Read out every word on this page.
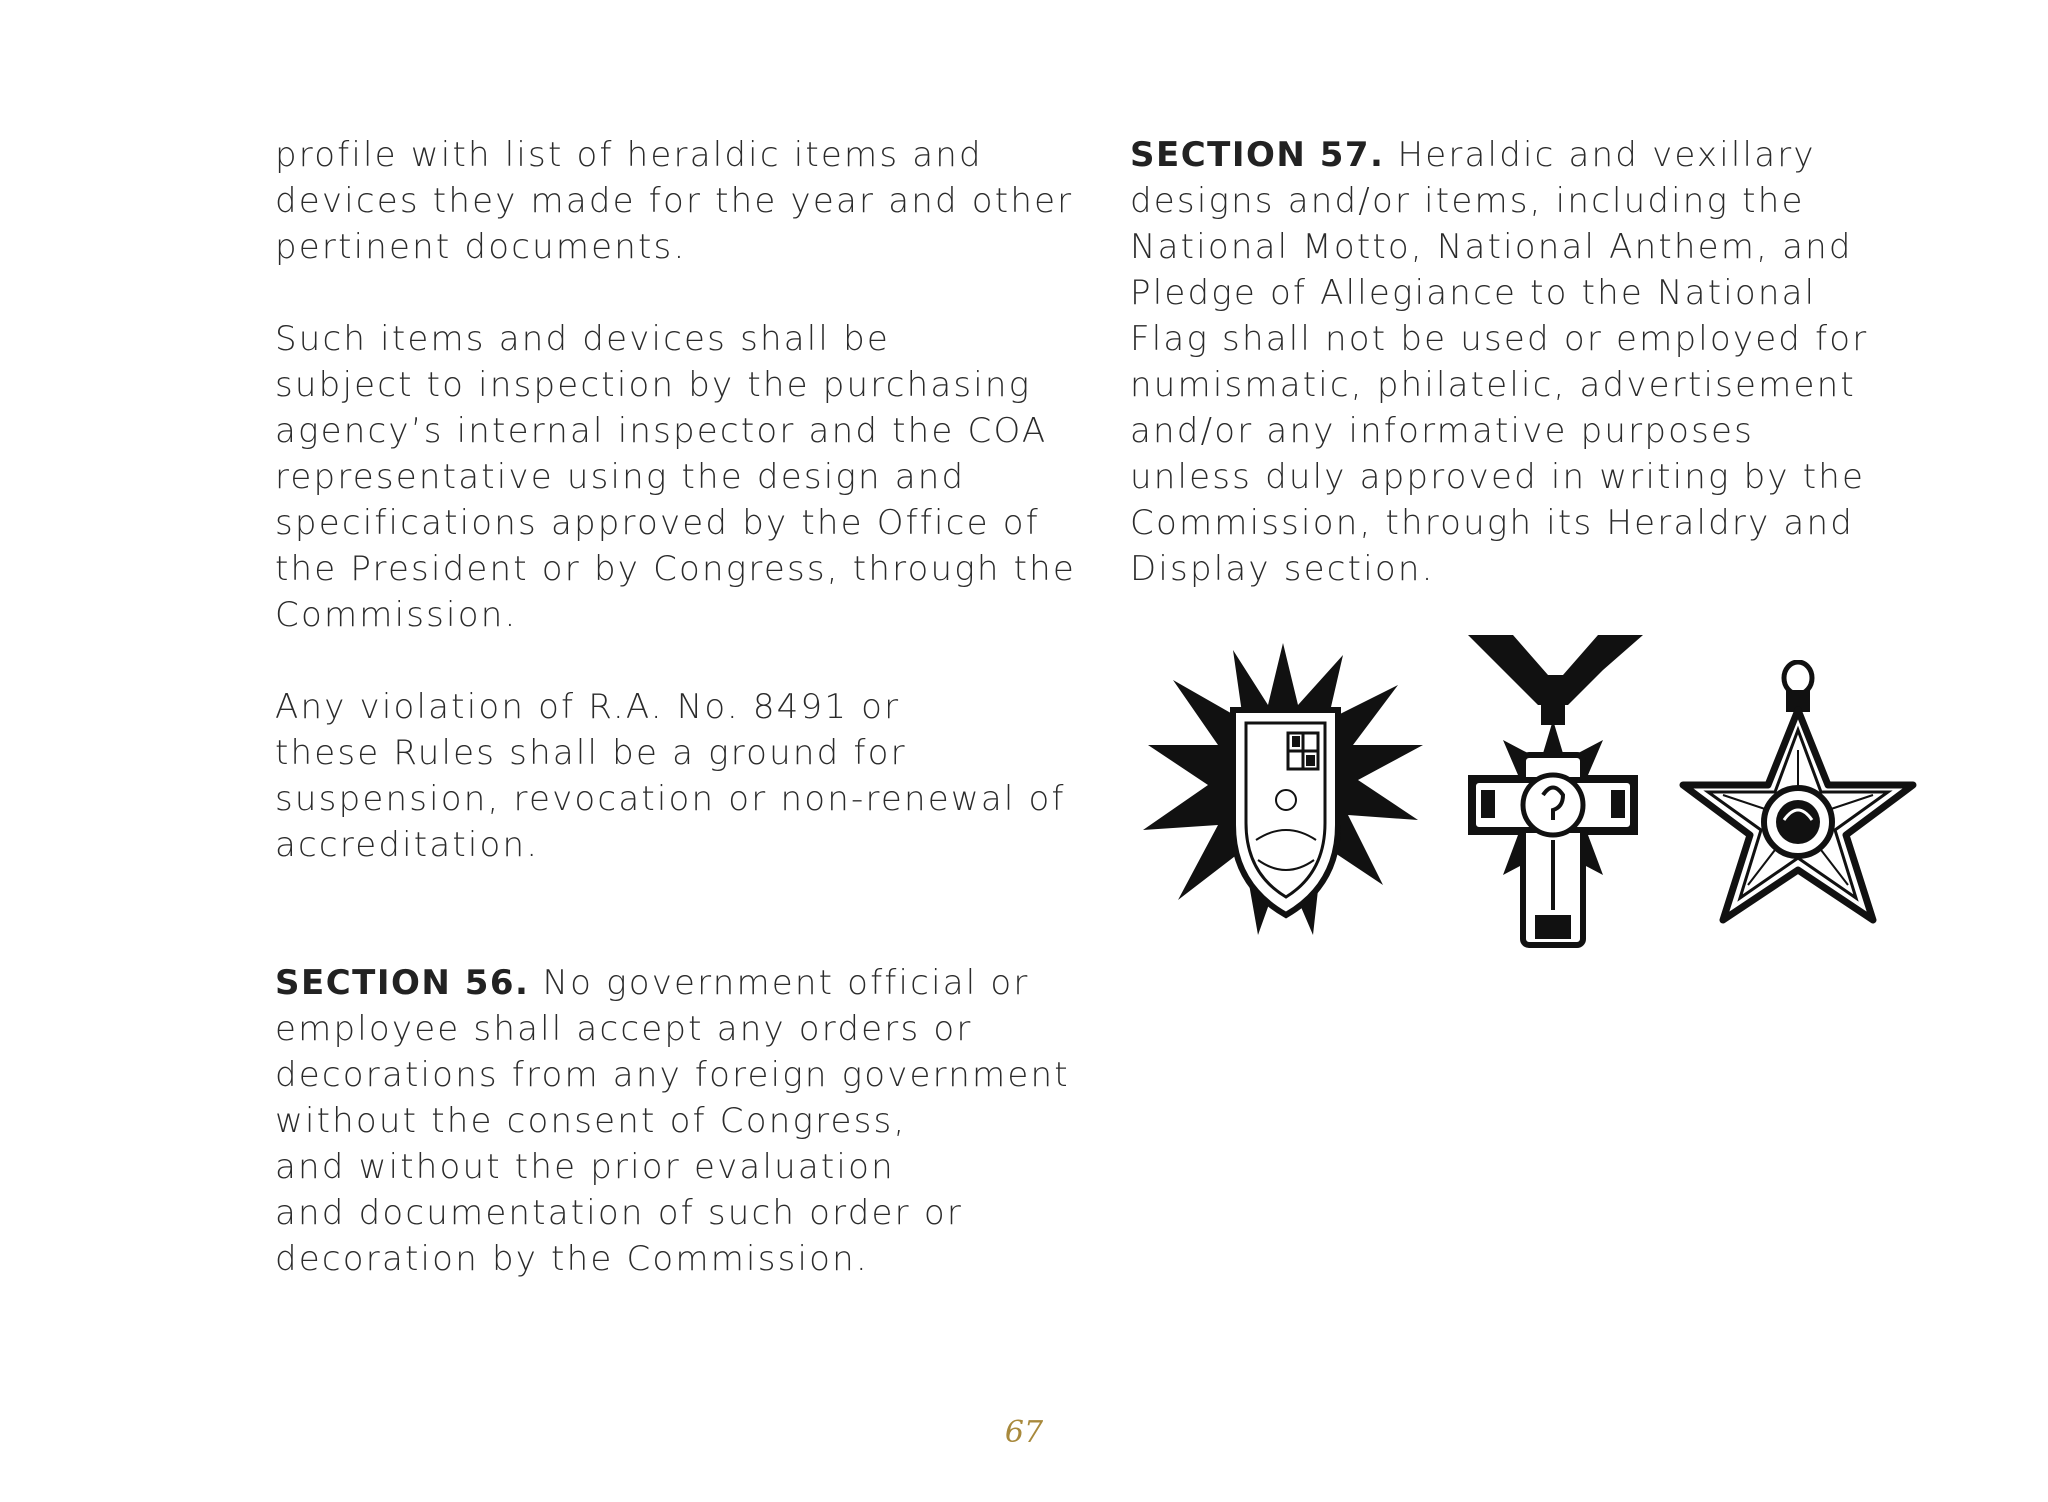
profile with list of heraldic items and
devices they made for the year and other
pertinent documents.

Such items and devices shall be
subject to inspection by the purchasing
agency’s internal inspector and the COA
representative using the design and
specifications approved by the Office of
the President or by Congress, through the
Commission.

Any violation of R.A. No. 8491 or
these Rules shall be a ground for
suspension, revocation or non-renewal of
accreditation.

SECTION 56. No government official or
employee shall accept any orders or
decorations from any foreign government
without the consent of Congress,
and without the prior evaluation
and documentation of such order or
decoration by the Commission.

SECTION 57. Heraldic and vexillary
designs and/or items, including the
National Motto, National Anthem, and
Pledge of Allegiance to the National
Flag shall not be used or employed for
numismatic, philatelic, advertisement
and/or any informative purposes
unless duly approved in writing by the
Commission, through its Heraldry and
Display section.

67
